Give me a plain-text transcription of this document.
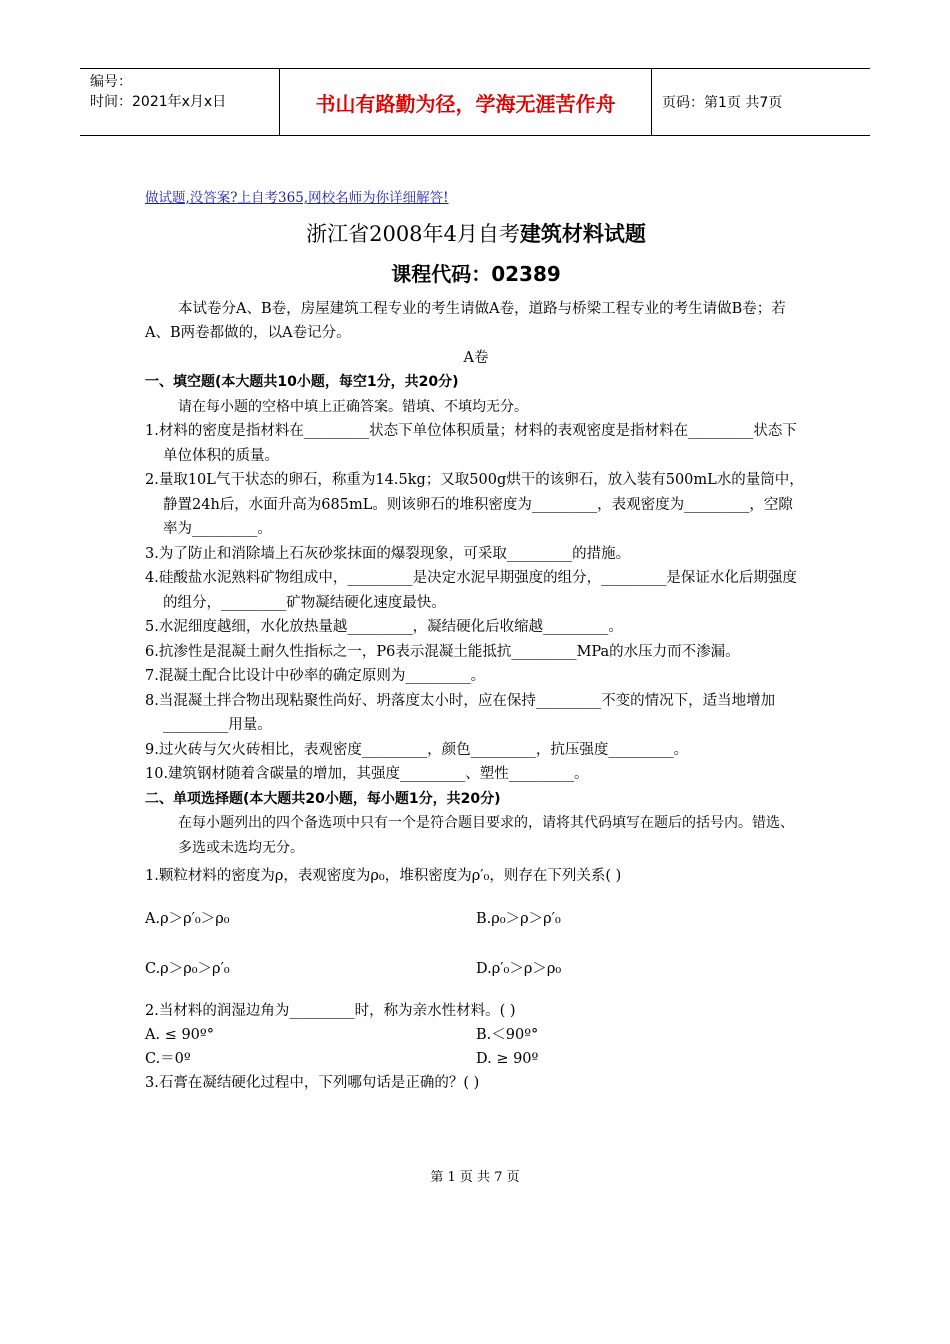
编号：
时间：2021年x月x日	书山有路勤为径，学海无涯苦作舟	页码：第1页 共7页
做试题,没答案?上自考365,网校名师为你详细解答!
浙江省2008年4月自考建筑材料试题
课程代码：02389
本试卷分A、B卷，房屋建筑工程专业的考生请做A卷，道路与桥梁工程专业的考生请做B卷；若A、B两卷都做的，以A卷记分。
A卷
一、填空题(本大题共10小题，每空1分，共20分)
请在每小题的空格中填上正确答案。错填、不填均无分。
1.材料的密度是指材料在_________状态下单位体积质量；材料的表观密度是指材料在_________状态下单位体积的质量。
2.量取10L气干状态的卵石，称重为14.5kg；又取500g烘干的该卵石，放入装有500mL水的量筒中，静置24h后，水面升高为685mL。则该卵石的堆积密度为_________，表观密度为_________，空隙率为_________。
3.为了防止和消除墙上石灰砂浆抹面的爆裂现象，可采取_________的措施。
4.硅酸盐水泥熟料矿物组成中，_________是决定水泥早期强度的组分，_________是保证水化后期强度的组分，_________矿物凝结硬化速度最快。
5.水泥细度越细，水化放热量越_________，凝结硬化后收缩越_________。
6.抗渗性是混凝土耐久性指标之一，P6表示混凝土能抵抗_________MPa的水压力而不渗漏。
7.混凝土配合比设计中砂率的确定原则为_________。
8.当混凝土拌合物出现粘聚性尚好、坍落度太小时，应在保持_________不变的情况下，适当地增加_________用量。
9.过火砖与欠火砖相比，表观密度_________，颜色_________，抗压强度_________。
10.建筑钢材随着含碳量的增加，其强度_________、塑性_________。
二、单项选择题(本大题共20小题，每小题1分，共20分)
在每小题列出的四个备选项中只有一个是符合题目要求的，请将其代码填写在题后的括号内。错选、多选或未选均无分。
1.颗粒材料的密度为ρ，表观密度为ρ₀，堆积密度为ρ′₀，则存在下列关系( )
A.ρ＞ρ′₀＞ρ₀	B.ρ₀＞ρ＞ρ′₀
C.ρ＞ρ₀＞ρ′₀	D.ρ′₀＞ρ＞ρ₀
2.当材料的润湿边角为_________时，称为亲水性材料。( )
A. ≤ 90º°	B.＜90º°
C.＝0º	D. ≥ 90º
3.石膏在凝结硬化过程中，下列哪句话是正确的？( )
第 1 页 共 7 页
